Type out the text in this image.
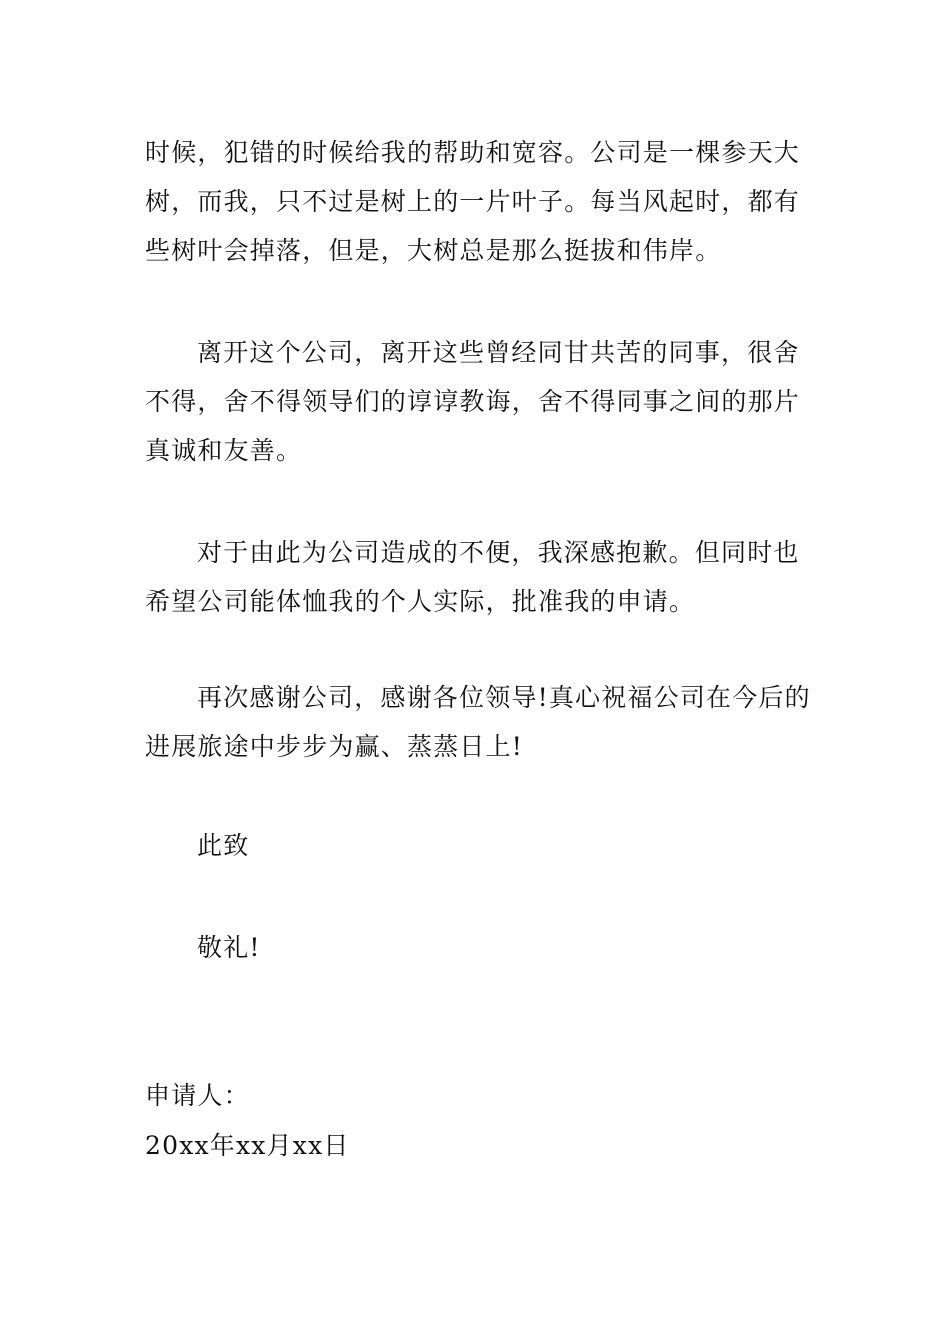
时候，犯错的时候给我的帮助和宽容。公司是一棵参天大
树，而我，只不过是树上的一片叶子。每当风起时，都有
些树叶会掉落，但是，大树总是那么挺拔和伟岸。
离开这个公司，离开这些曾经同甘共苦的同事，很舍
不得，舍不得领导们的谆谆教诲，舍不得同事之间的那片
真诚和友善。
对于由此为公司造成的不便，我深感抱歉。但同时也
希望公司能体恤我的个人实际，批准我的申请。
再次感谢公司，感谢各位领导!真心祝福公司在今后的
进展旅途中步步为赢、蒸蒸日上!
此致
敬礼!
申请人：
20xx年xx月xx日
